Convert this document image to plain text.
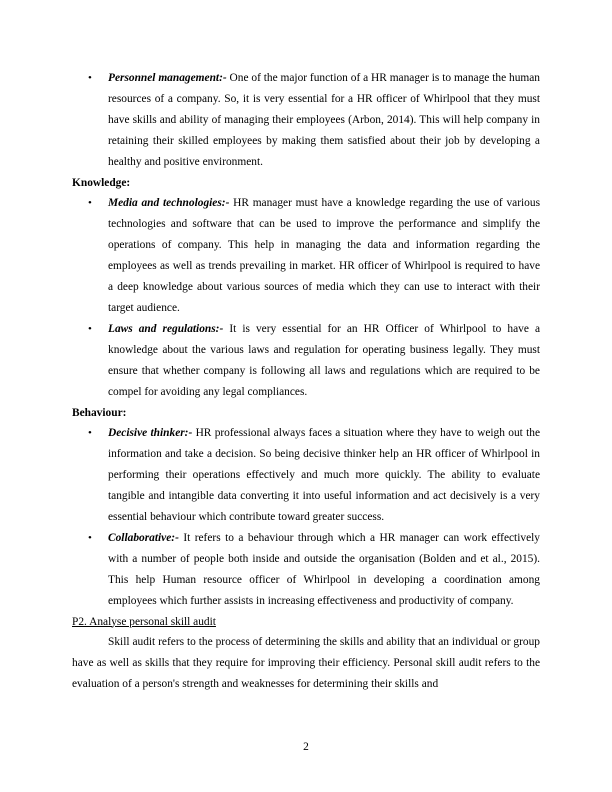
• Personnel management:- One of the major function of a HR manager is to manage the human resources of a company. So, it is very essential for a HR officer of Whirlpool that they must have skills and ability of managing their employees (Arbon, 2014). This will help company in retaining their skilled employees by making them satisfied about their job by developing a healthy and positive environment.
Knowledge:
• Media and technologies:- HR manager must have a knowledge regarding the use of various technologies and software that can be used to improve the performance and simplify the operations of company. This help in managing the data and information regarding the employees as well as trends prevailing in market. HR officer of Whirlpool is required to have a deep knowledge about various sources of media which they can use to interact with their target audience.
• Laws and regulations:- It is very essential for an HR Officer of Whirlpool to have a knowledge about the various laws and regulation for operating business legally. They must ensure that whether company is following all laws and regulations which are required to be compel for avoiding any legal compliances.
Behaviour:
• Decisive thinker:- HR professional always faces a situation where they have to weigh out the information and take a decision. So being decisive thinker help an HR officer of Whirlpool in performing their operations effectively and much more quickly. The ability to evaluate tangible and intangible data converting it into useful information and act decisively is a very essential behaviour which contribute toward greater success.
• Collaborative:- It refers to a behaviour through which a HR manager can work effectively with a number of people both inside and outside the organisation (Bolden and et al., 2015). This help Human resource officer of Whirlpool in developing a coordination among employees which further assists in increasing effectiveness and productivity of company.
P2. Analyse personal skill audit
Skill audit refers to the process of determining the skills and ability that an individual or group have as well as skills that they require for improving their efficiency. Personal skill audit refers to the evaluation of a person's strength and weaknesses for determining their skills and
2
